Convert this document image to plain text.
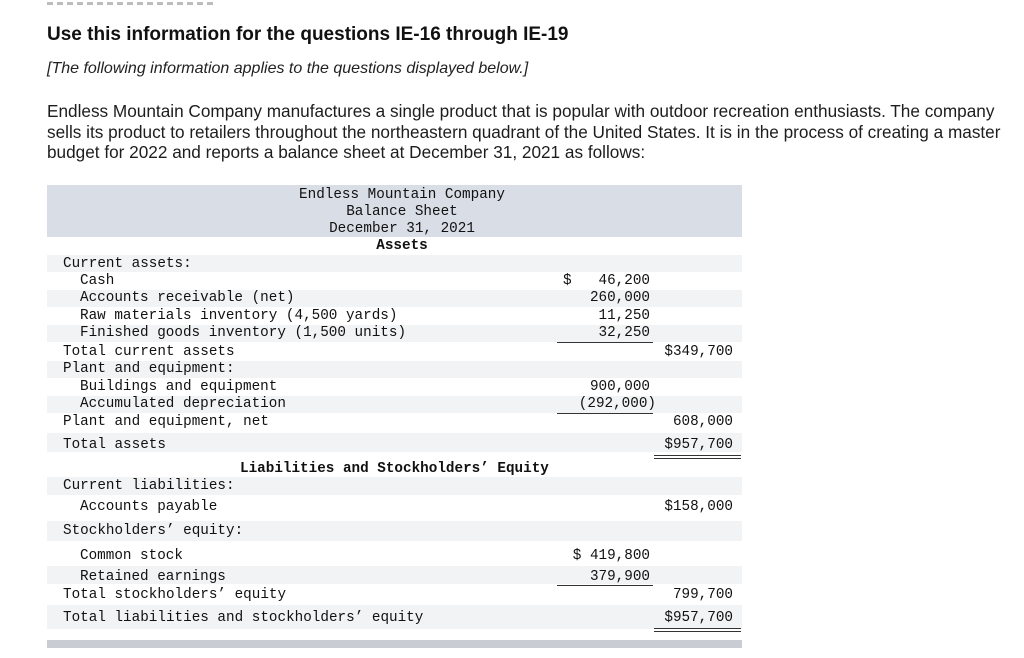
Use this information for the questions IE-16 through IE-19

[The following information applies to the questions displayed below.]

Endless Mountain Company manufactures a single product that is popular with outdoor recreation enthusiasts. The company sells its product to retailers throughout the northeastern quadrant of the United States. It is in the process of creating a master budget for 2022 and reports a balance sheet at December 31, 2021 as follows:

Endless Mountain Company
Balance Sheet
December 31, 2021
Assets
Current assets:
Cash	$ 46,200
Accounts receivable (net)	260,000
Raw materials inventory (4,500 yards)	11,250
Finished goods inventory (1,500 units)	32,250
Total current assets	$349,700
Plant and equipment:
Buildings and equipment	900,000
Accumulated depreciation	(292,000)
Plant and equipment, net	608,000
Total assets	$957,700
Liabilities and Stockholders’ Equity
Current liabilities:
Accounts payable	$158,000
Stockholders’ equity:
Common stock	$ 419,800
Retained earnings	379,900
Total stockholders’ equity	799,700
Total liabilities and stockholders’ equity	$957,700
